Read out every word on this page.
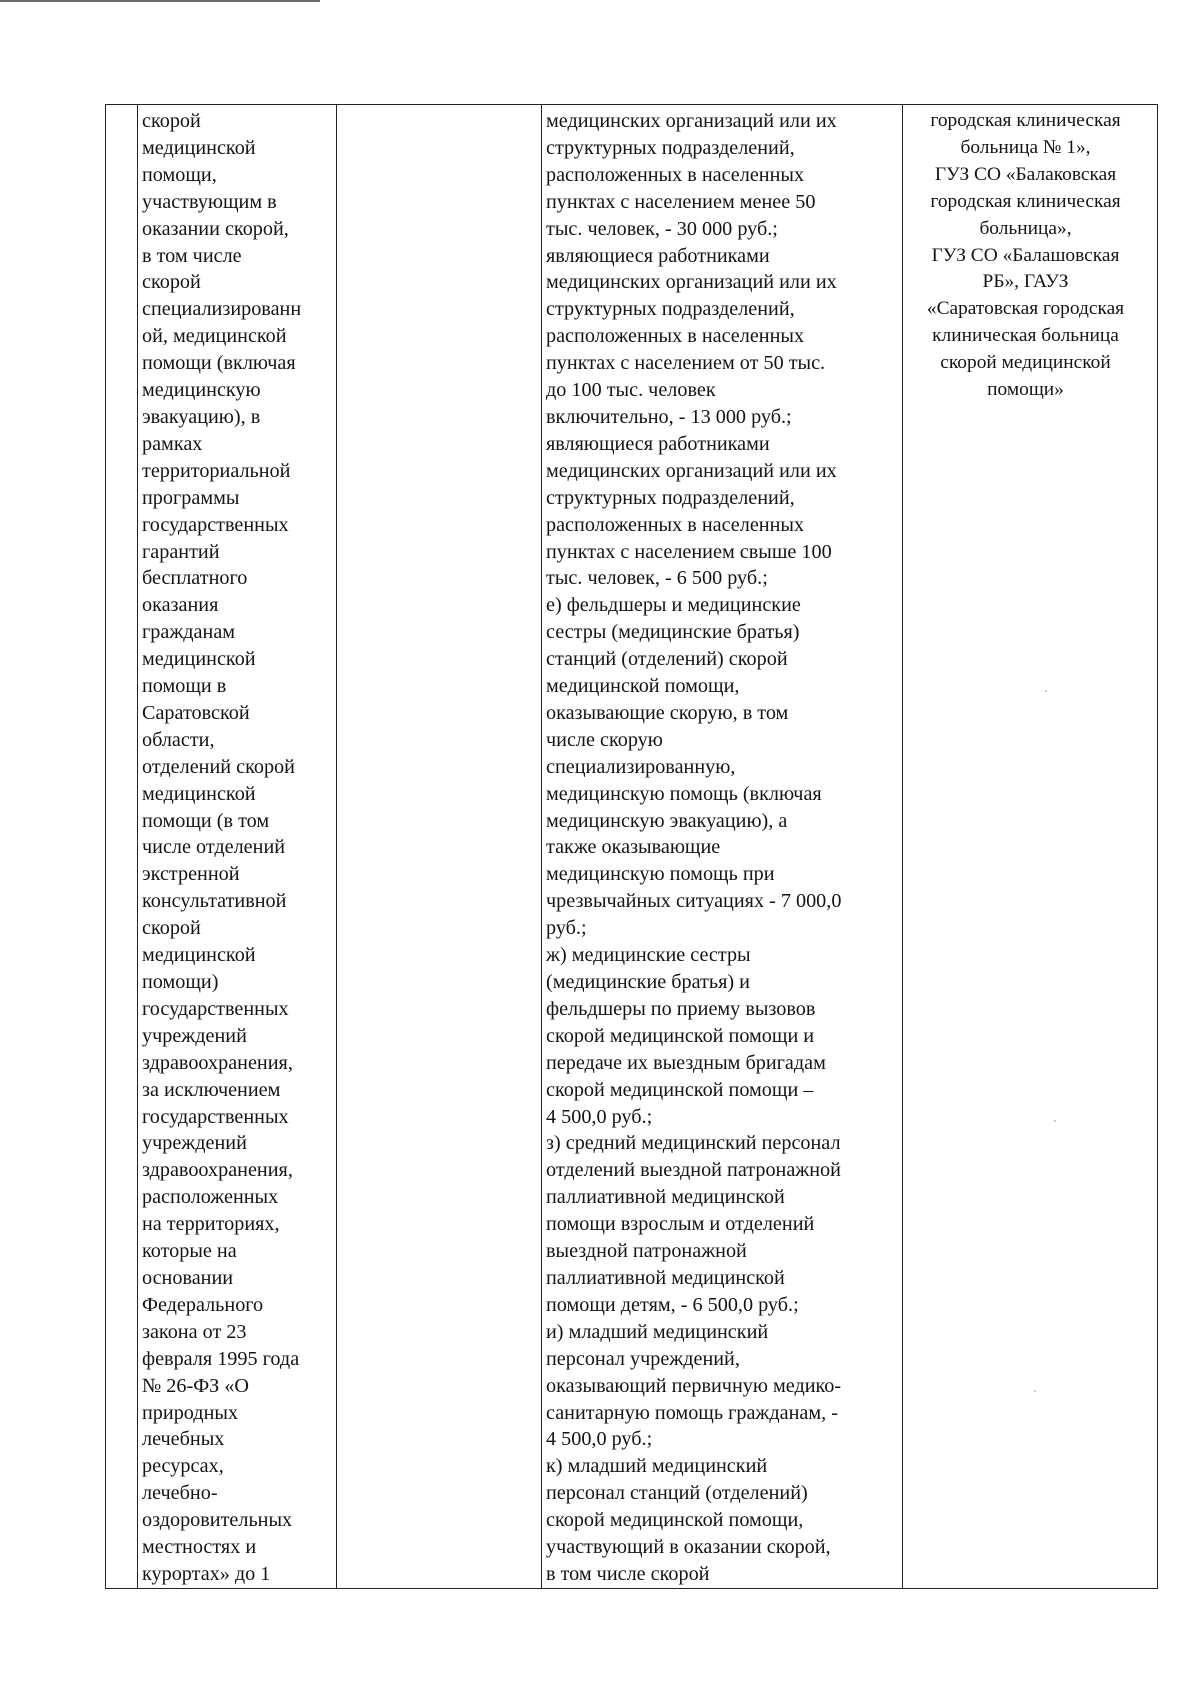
скорой
медицинской
помощи,
участвующим в
оказании скорой,
в том числе
скорой
специализированн
ой, медицинской
помощи (включая
медицинскую
эвакуацию), в
рамках
территориальной
программы
государственных
гарантий
бесплатного
оказания
гражданам
медицинской
помощи в
Саратовской
области,
отделений скорой
медицинской
помощи (в том
числе отделений
экстренной
консультативной
скорой
медицинской
помощи)
государственных
учреждений
здравоохранения,
за исключением
государственных
учреждений
здравоохранения,
расположенных
на территориях,
которые на
основании
Федерального
закона от 23
февраля 1995 года
№ 26-ФЗ «О
природных
лечебных
ресурсах,
лечебно-
оздоровительных
местностях и
курортах» до 1
медицинских организаций или их
структурных подразделений,
расположенных в населенных
пунктах с населением менее 50
тыс. человек, - 30 000 руб.;
являющиеся работниками
медицинских организаций или их
структурных подразделений,
расположенных в населенных
пунктах с населением от 50 тыс.
до 100 тыс. человек
включительно, - 13 000 руб.;
являющиеся работниками
медицинских организаций или их
структурных подразделений,
расположенных в населенных
пунктах с населением свыше 100
тыс. человек, - 6 500 руб.;
е) фельдшеры и медицинские
сестры (медицинские братья)
станций (отделений) скорой
медицинской помощи,
оказывающие скорую, в том
числе скорую
специализированную,
медицинскую помощь (включая
медицинскую эвакуацию), а
также оказывающие
медицинскую помощь при
чрезвычайных ситуациях - 7 000,0
руб.;
ж) медицинские сестры
(медицинские братья) и
фельдшеры по приему вызовов
скорой медицинской помощи и
передаче их выездным бригадам
скорой медицинской помощи –
4 500,0 руб.;
з) средний медицинский персонал
отделений выездной патронажной
паллиативной медицинской
помощи взрослым и отделений
выездной патронажной
паллиативной медицинской
помощи детям, - 6 500,0 руб.;
и) младший медицинский
персонал учреждений,
оказывающий первичную медико-
санитарную помощь гражданам, -
4 500,0 руб.;
к) младший медицинский
персонал станций (отделений)
скорой медицинской помощи,
участвующий в оказании скорой,
в том числе скорой
городская клиническая
больница № 1»,
ГУЗ СО «Балаковская
городская клиническая
больница»,
ГУЗ СО «Балашовская
РБ», ГАУЗ
«Саратовская городская
клиническая больница
скорой медицинской
помощи»
